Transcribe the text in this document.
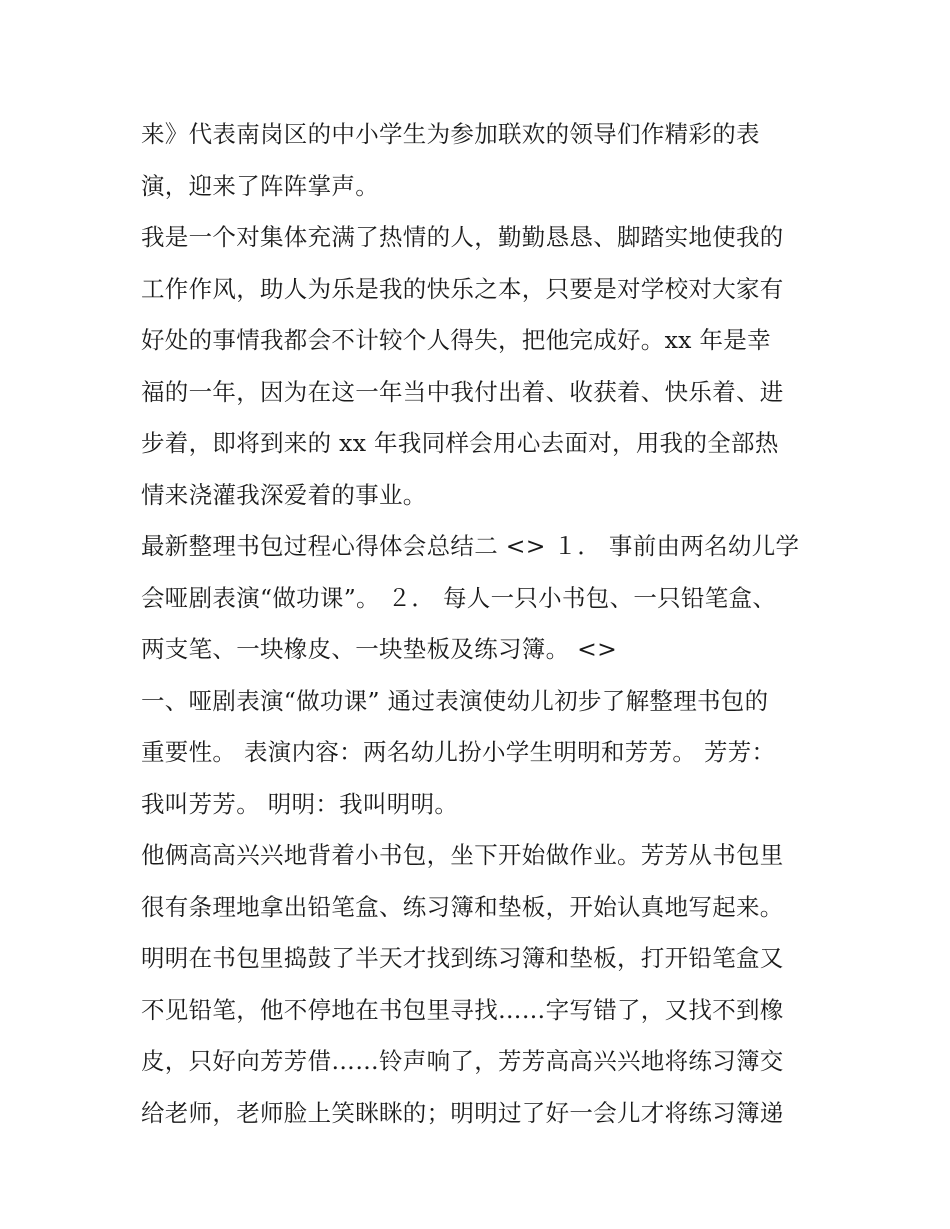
来》代表南岗区的中小学生为参加联欢的领导们作精彩的表
演，迎来了阵阵掌声。
我是一个对集体充满了热情的人，勤勤恳恳、脚踏实地使我的
工作作风，助人为乐是我的快乐之本，只要是对学校对大家有
好处的事情我都会不计较个人得失，把他完成好。xx 年是幸
福的一年，因为在这一年当中我付出着、收获着、快乐着、进
步着，即将到来的 xx 年我同样会用心去面对，用我的全部热
情来浇灌我深爱着的事业。
最新整理书包过程心得体会总结二 <> １． 事前由两名幼儿学
会哑剧表演“做功课”。 ２． 每人一只小书包、一只铅笔盒、
两支笔、一块橡皮、一块垫板及练习簿。 <>
一、哑剧表演“做功课” 通过表演使幼儿初步了解整理书包的
重要性。 表演内容：两名幼儿扮小学生明明和芳芳。 芳芳：
我叫芳芳。 明明：我叫明明。
他俩高高兴兴地背着小书包，坐下开始做作业。芳芳从书包里
很有条理地拿出铅笔盒、练习簿和垫板，开始认真地写起来。
明明在书包里捣鼓了半天才找到练习簿和垫板，打开铅笔盒又
不见铅笔，他不停地在书包里寻找……字写错了，又找不到橡
皮，只好向芳芳借……铃声响了，芳芳高高兴兴地将练习簿交
给老师，老师脸上笑眯眯的；明明过了好一会儿才将练习簿递
